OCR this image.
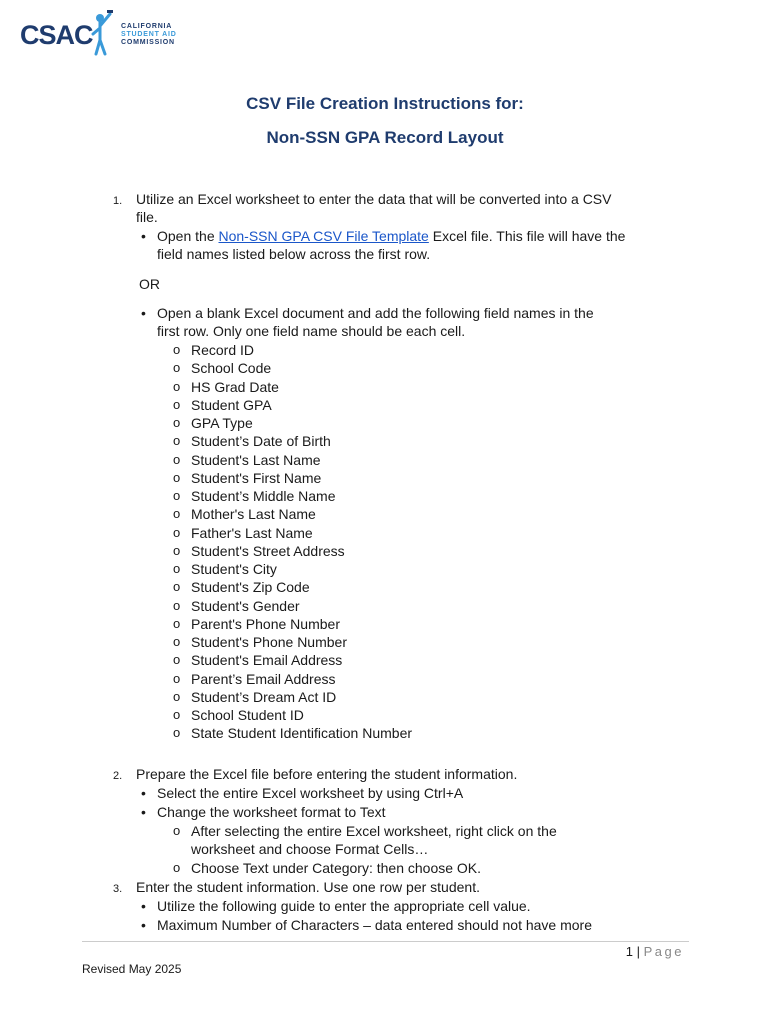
CSAC	CALIFORNIA
STUDENT AID
COMMISSION
CSV File Creation Instructions for:
Non-SSN GPA Record Layout
1. Utilize an Excel worksheet to enter the data that will be converted into a CSV
file.
• Open the Non-SSN GPA CSV File Template Excel file. This file will have the
field names listed below across the first row.
OR
• Open a blank Excel document and add the following field names in the
first row. Only one field name should be each cell.
o Record ID
o School Code
o HS Grad Date
o Student GPA
o GPA Type
o Student’s Date of Birth
o Student's Last Name
o Student's First Name
o Student’s Middle Name
o Mother's Last Name
o Father's Last Name
o Student's Street Address
o Student's City
o Student's Zip Code
o Student's Gender
o Parent's Phone Number
o Student's Phone Number
o Student's Email Address
o Parent’s Email Address
o Student’s Dream Act ID
o School Student ID
o State Student Identification Number
2. Prepare the Excel file before entering the student information.
• Select the entire Excel worksheet by using Ctrl+A
• Change the worksheet format to Text
o After selecting the entire Excel worksheet, right click on the
worksheet and choose Format Cells…
o Choose Text under Category: then choose OK.
3. Enter the student information. Use one row per student.
• Utilize the following guide to enter the appropriate cell value.
• Maximum Number of Characters – data entered should not have more
1 | Page
Revised May 2025
